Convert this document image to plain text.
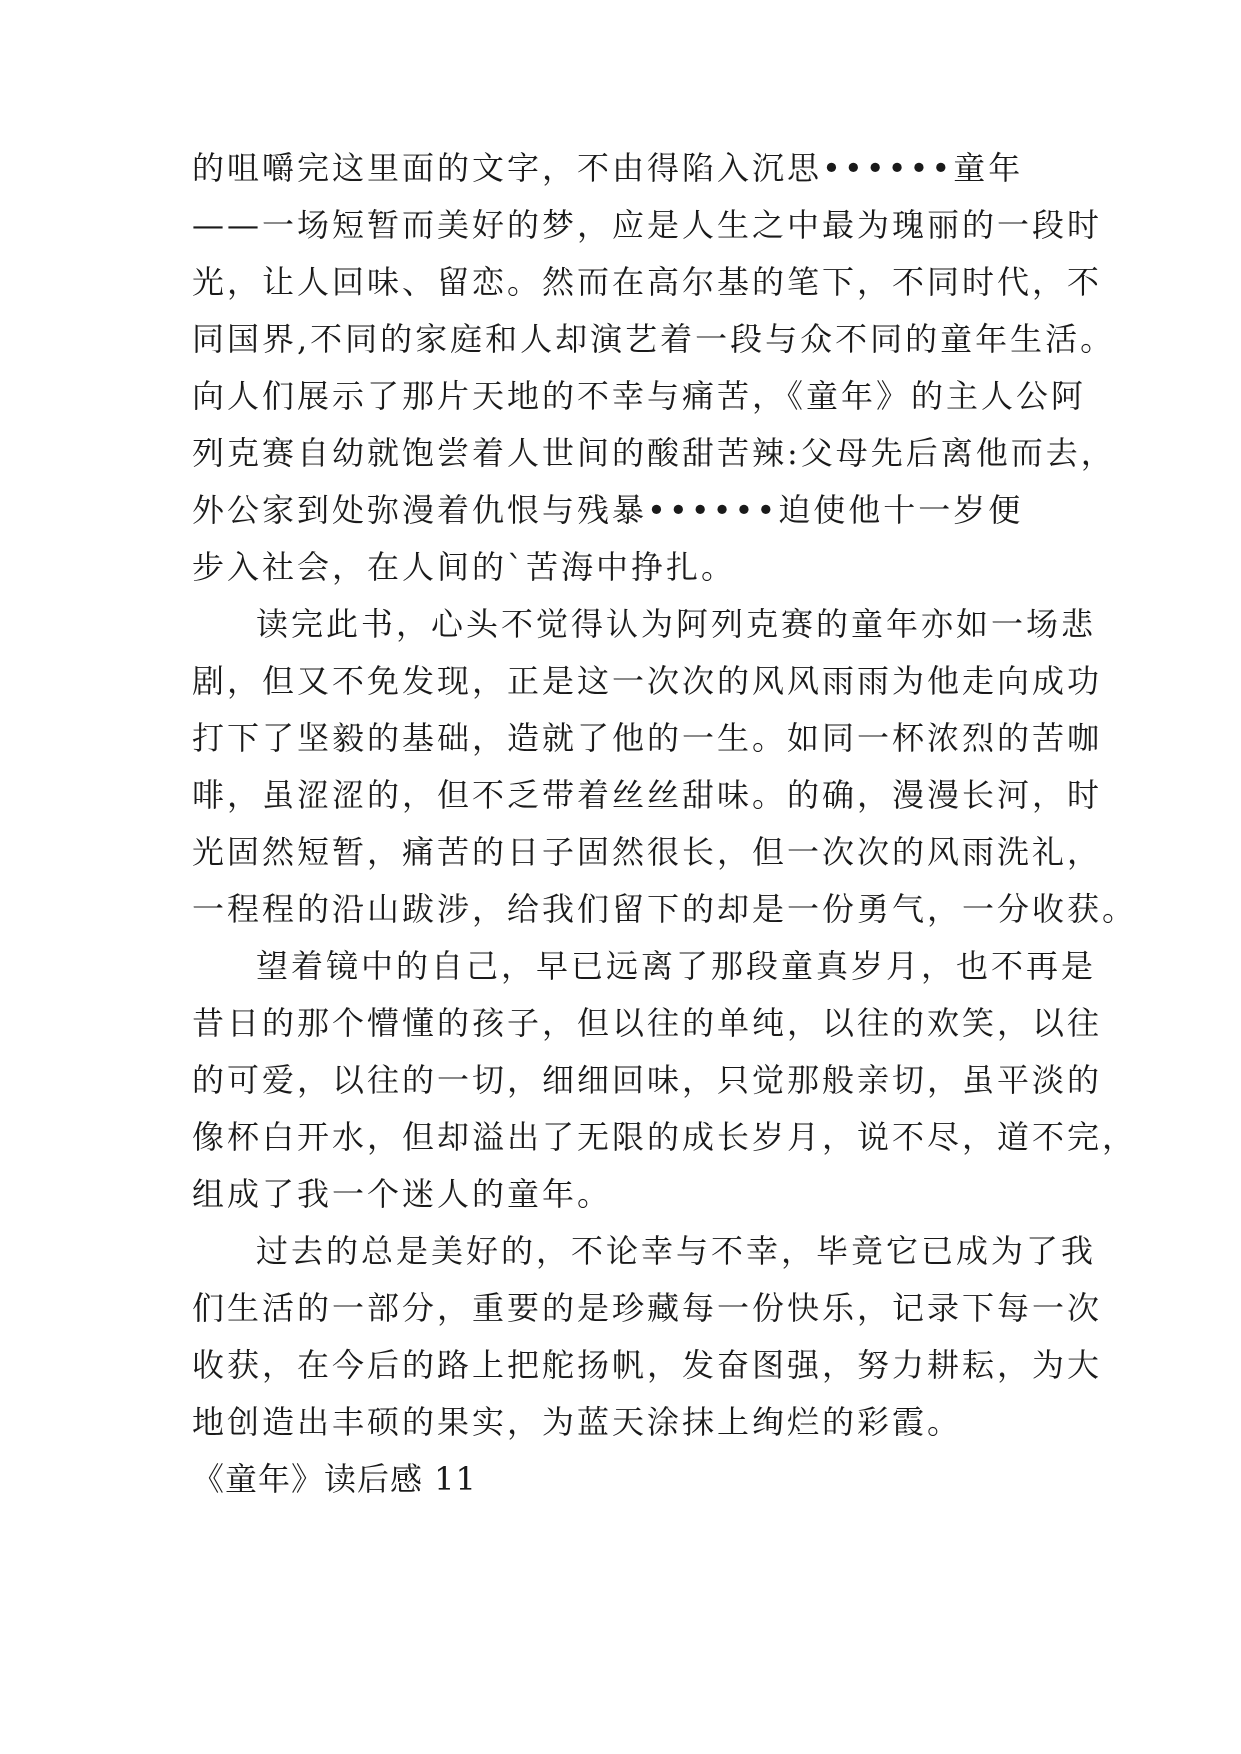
的咀嚼完这里面的文字，不由得陷入沉思••••••童年
——一场短暂而美好的梦，应是人生之中最为瑰丽的一段时
光，让人回味、留恋。然而在高尔基的笔下，不同时代，不
同国界,不同的家庭和人却演艺着一段与众不同的童年生活。
向人们展示了那片天地的不幸与痛苦，《童年》的主人公阿
列克赛自幼就饱尝着人世间的酸甜苦辣:父母先后离他而去，
外公家到处弥漫着仇恨与残暴••••••迫使他十一岁便
步入社会，在人间的`苦海中挣扎。
读完此书，心头不觉得认为阿列克赛的童年亦如一场悲
剧，但又不免发现，正是这一次次的风风雨雨为他走向成功
打下了坚毅的基础，造就了他的一生。如同一杯浓烈的苦咖
啡，虽涩涩的，但不乏带着丝丝甜味。的确，漫漫长河，时
光固然短暂，痛苦的日子固然很长，但一次次的风雨洗礼，
一程程的沿山跋涉，给我们留下的却是一份勇气，一分收获。
望着镜中的自己，早已远离了那段童真岁月，也不再是
昔日的那个懵懂的孩子，但以往的单纯，以往的欢笑，以往
的可爱，以往的一切，细细回味，只觉那般亲切，虽平淡的
像杯白开水，但却溢出了无限的成长岁月，说不尽，道不完，
组成了我一个迷人的童年。
过去的总是美好的，不论幸与不幸，毕竟它已成为了我
们生活的一部分，重要的是珍藏每一份快乐，记录下每一次
收获，在今后的路上把舵扬帆，发奋图强，努力耕耘，为大
地创造出丰硕的果实，为蓝天涂抹上绚烂的彩霞。
《童年》读后感 11
